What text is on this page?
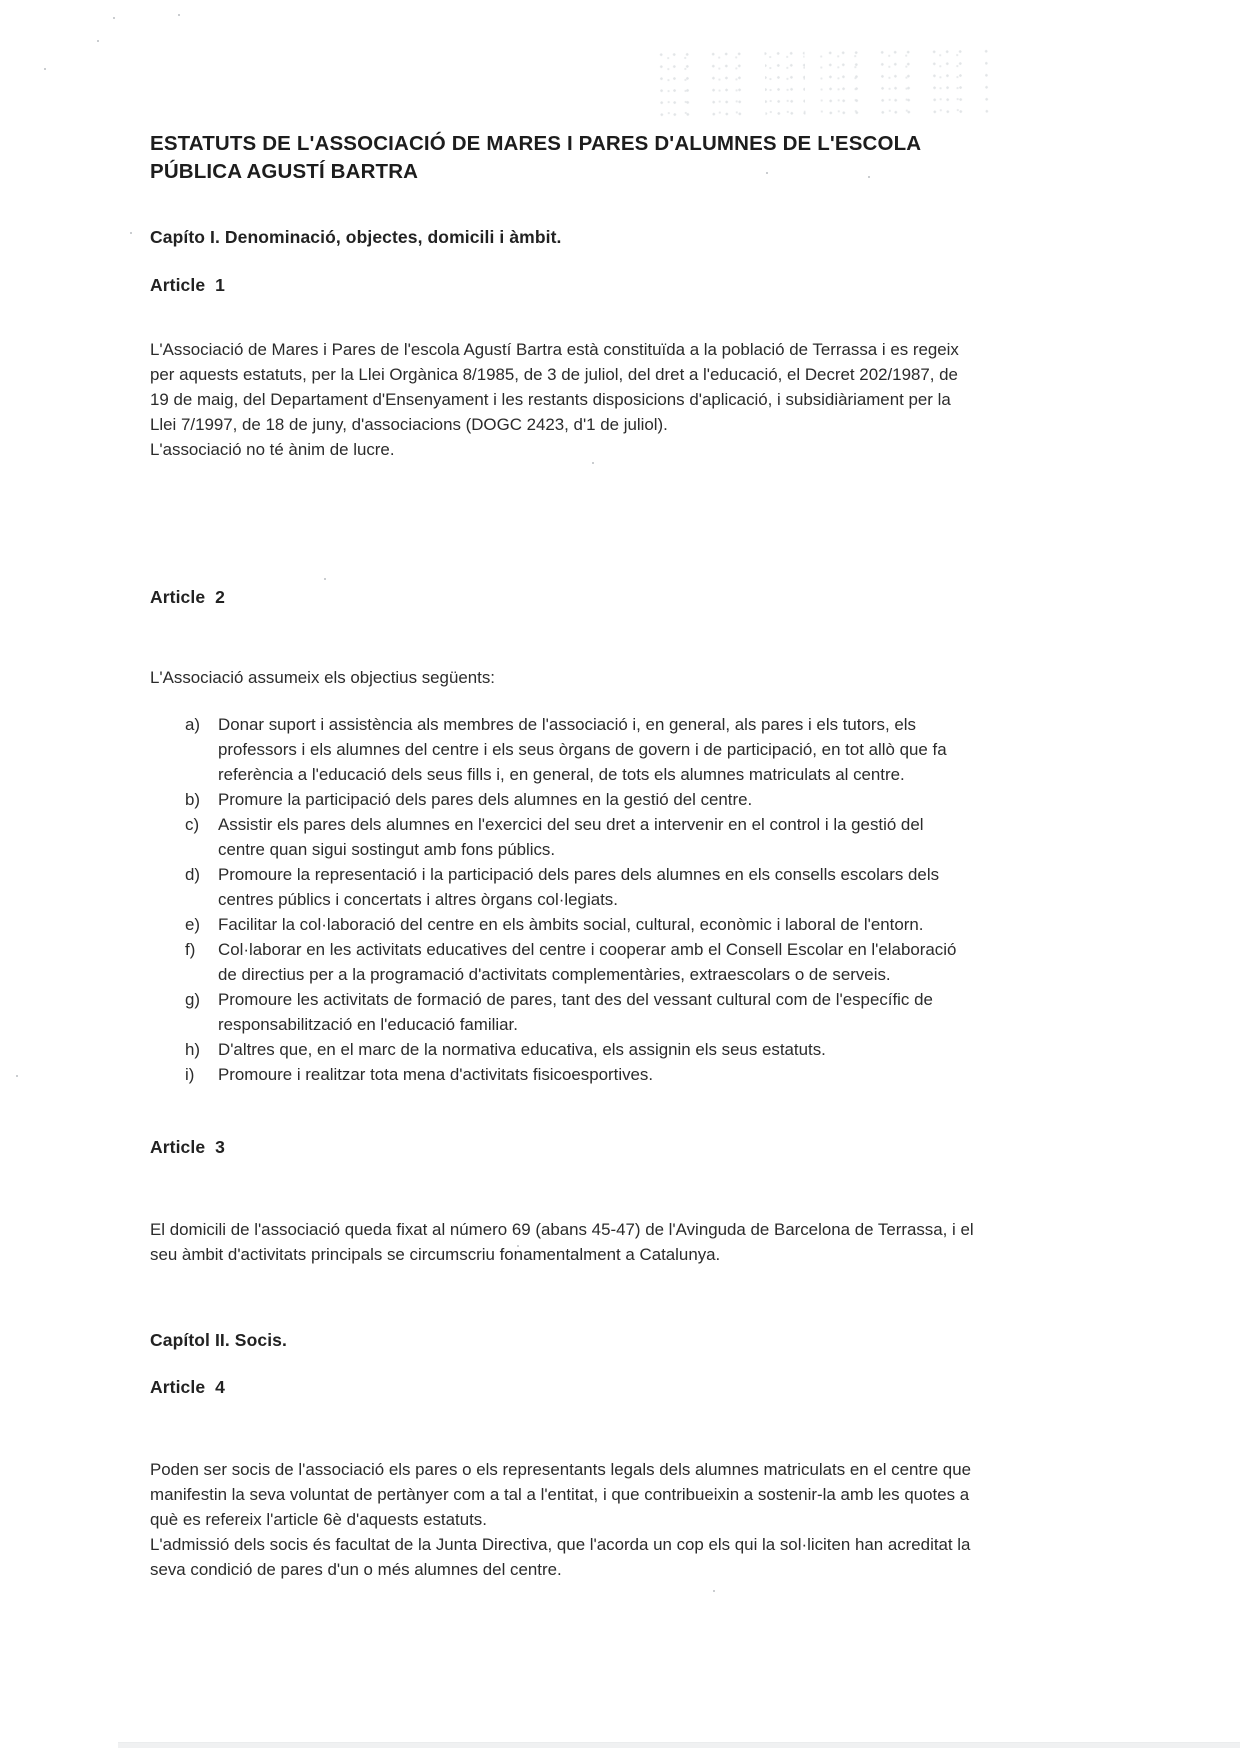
ESTATUTS DE L'ASSOCIACIÓ DE MARES I PARES D'ALUMNES DE L'ESCOLA PÚBLICA AGUSTÍ BARTRA
Capíto I. Denominació, objectes, domicili i àmbit.
Article  1
L'Associació de Mares i Pares de l'escola Agustí Bartra està constituïda a la població de Terrassa i es regeix per aquests estatuts, per la Llei Orgànica 8/1985, de 3 de juliol, del dret a l'educació, el Decret 202/1987, de 19 de maig, del Departament d'Ensenyament i les restants disposicions d'aplicació, i subsidiàriament per la Llei 7/1997, de 18 de juny, d'associacions (DOGC 2423, d'1 de juliol).
L'associació no té ànim de lucre.
Article  2
L'Associació assumeix els objectius següents:
a)	Donar suport i assistència als membres de l'associació i, en general, als pares i els tutors, els professors i els alumnes del centre i els seus òrgans de govern i de participació, en tot allò que fa referència a l'educació dels seus fills i, en general, de tots els alumnes matriculats al centre.
b)	Promure la participació dels pares dels alumnes en la gestió del centre.
c)	Assistir els pares dels alumnes en l'exercici del seu dret a intervenir en el control i la gestió del centre quan sigui sostingut amb fons públics.
d)	Promoure la representació i la participació dels pares dels alumnes en els consells escolars dels centres públics i concertats i altres òrgans col·legiats.
e)	Facilitar la col·laboració del centre en els àmbits social, cultural, econòmic i laboral de l'entorn.
f)	Col·laborar en les activitats educatives del centre i cooperar amb el Consell Escolar en l'elaboració de directius per a la programació d'activitats complementàries, extraescolars o de serveis.
g)	Promoure les activitats de formació de pares, tant des del vessant cultural com de l'específic de responsabilització en l'educació familiar.
h)	D'altres que, en el marc de la normativa educativa, els assignin els seus estatuts.
i)	Promoure i realitzar tota mena d'activitats fisicoesportives.
Article  3
El domicili de l'associació queda fixat al número 69 (abans 45-47) de l'Avinguda de Barcelona de Terrassa, i el seu àmbit d'activitats principals se circumscriu fonamentalment a Catalunya.
Capítol II. Socis.
Article  4
Poden ser socis de l'associació els pares o els representants legals dels alumnes matriculats en el centre que manifestin la seva voluntat de pertànyer com a tal a l'entitat, i que contribueixin a sostenir-la amb les quotes a què es refereix l'article 6è d'aquests estatuts.
L'admissió dels socis és facultat de la Junta Directiva, que l'acorda un cop els qui la sol·liciten han acreditat la seva condició de pares d'un o més alumnes del centre.
